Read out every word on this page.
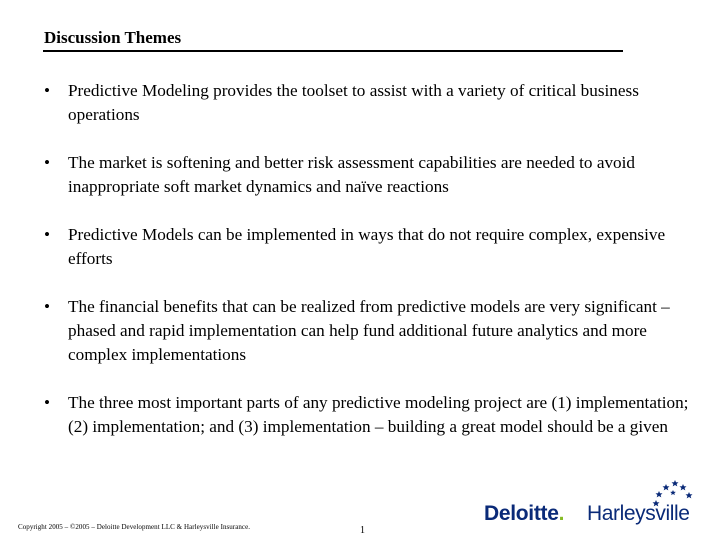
Discussion Themes
•	Predictive Modeling provides the toolset to assist with a variety of critical business operations
•	The market is softening and better risk assessment capabilities are needed to avoid inappropriate soft market dynamics and naïve reactions
•	Predictive Models can be implemented in ways that do not require complex, expensive efforts
•	The financial benefits that can be realized from predictive models are very significant – phased and rapid implementation can help fund additional future analytics and more complex implementations
•	The three most important parts of any predictive modeling project are (1) implementation; (2) implementation; and (3) implementation – building a great model should be a given
Copyright 2005 – ©2005 – Deloitte Development LLC & Harleysville Insurance.	1
Deloitte. Harleysville
